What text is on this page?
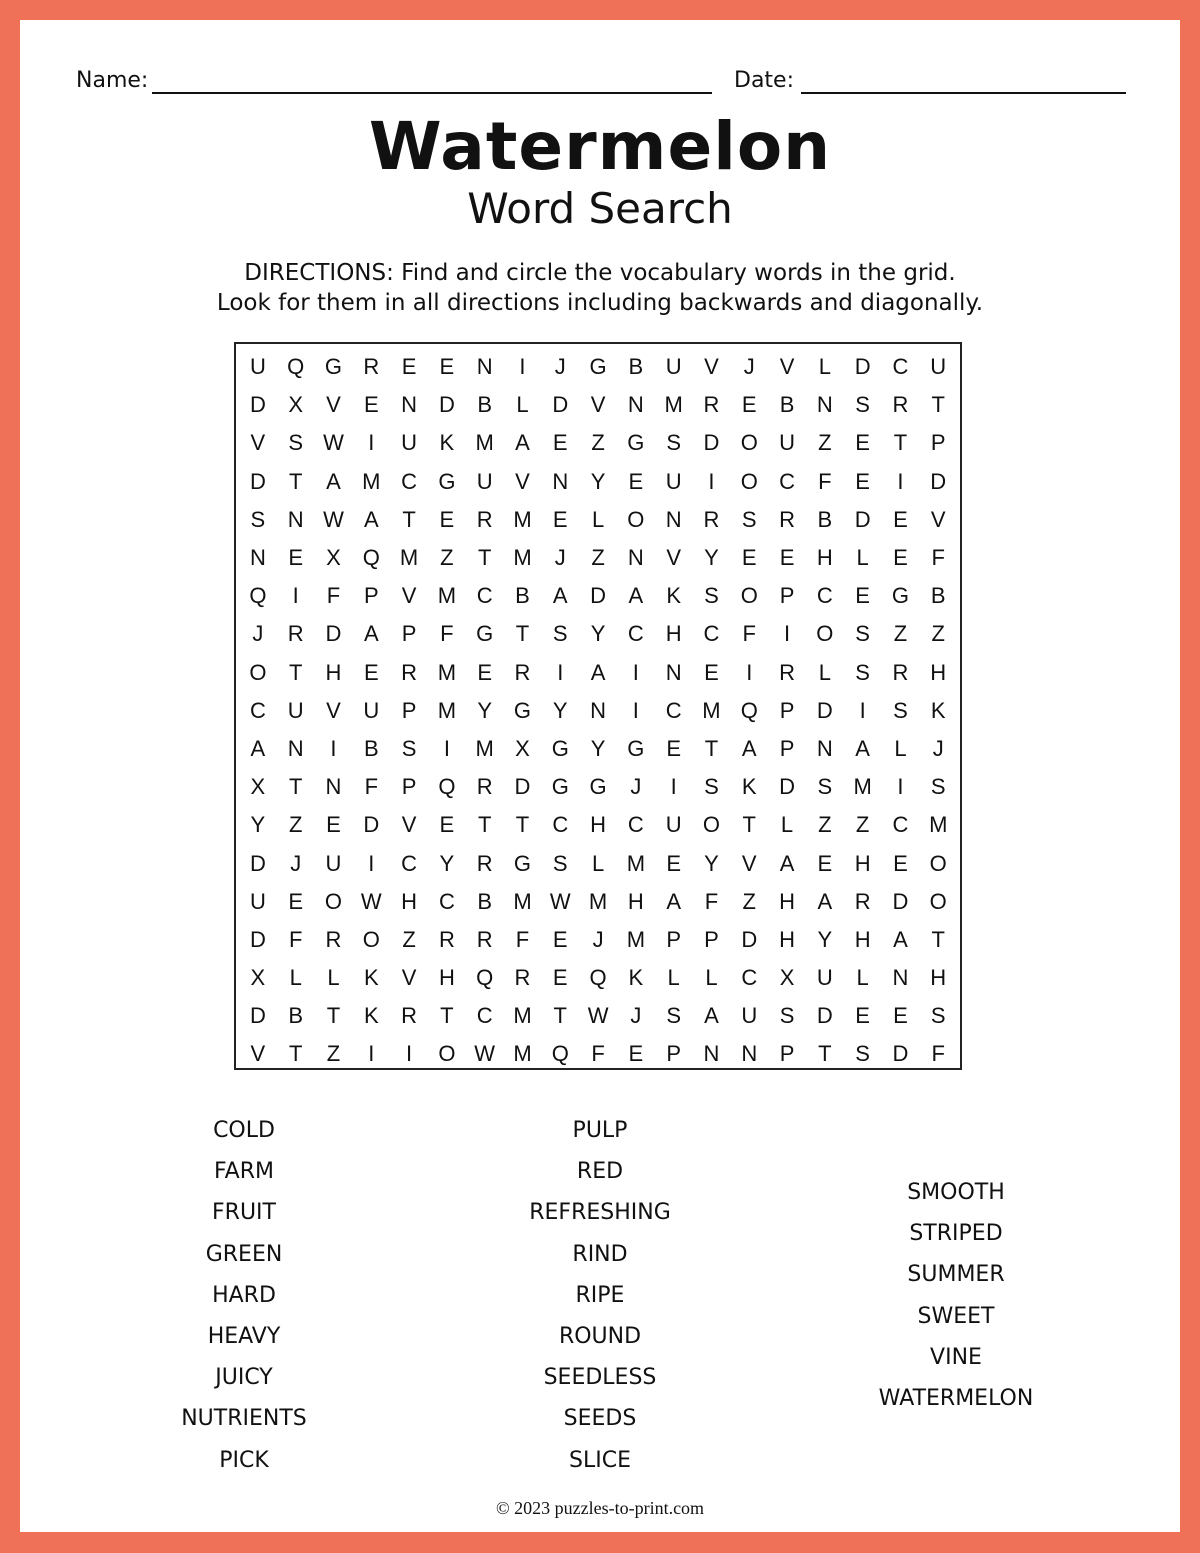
Name:	Date:
Watermelon
Word Search
DIRECTIONS: Find and circle the vocabulary words in the grid.
Look for them in all directions including backwards and diagonally.
U Q G R	E	E	N	I	J	G B	U	V	J	V	L	D C U
D	X	V	E	N D	B	L	D	V	N M R	E	B	N	S	R	T
V	S W	I	U	K M A	E	Z	G S	D O U	Z	E	T	P
D	T	A M C G U	V	N	Y	E	U	I	O C	F	E	I	D
S	N W A	T	E	R M E	L	O N R	S	R	B	D	E	V
N	E	X Q M Z	T M	J	Z	N	V	Y	E	E	H	L	E	F
Q	I	F	P	V M C	B	A	D	A	K	S O P	C	E G B
J	R D	A	P	F	G	T	S	Y	C H C	F	I	O S	Z	Z
O	T	H	E	R M E	R	I	A	I	N	E	I	R	L	S	R H
C U	V	U	P M Y G Y	N	I	C M Q P	D	I	S	K
A	N	I	B	S	I	M X G Y G E	T	A	P	N	A	L	J
X	T	N	F	P Q R D G G	J	I	S	K	D	S M	I	S
Y	Z	E	D	V	E	T	T	C H C U O	T	L	Z	Z	C M
D	J	U	I	C	Y	R G S	L	M E	Y	V	A	E	H	E O
U	E O W H C	B M W M H	A	F	Z	H	A	R D O
D	F	R O	Z	R R	F	E	J	M P	P	D H	Y	H	A	T
X	L	L	K	V	H Q R	E Q K	L	L	C	X	U	L	N H
D	B	T	K	R	T	C M T W J	S	A	U	S	D	E	E	S
V	T	Z	I	I	O W M Q	F	E	P	N N	P	T	S	D	F
COLD
FARM
FRUIT
GREEN
HARD
HEAVY
JUICY
NUTRIENTS
PICK
PULP
RED
REFRESHING
RIND
RIPE
ROUND
SEEDLESS
SEEDS
SLICE
SMOOTH
STRIPED
SUMMER
SWEET
VINE
WATERMELON
© 2023 puzzles-to-print.com
